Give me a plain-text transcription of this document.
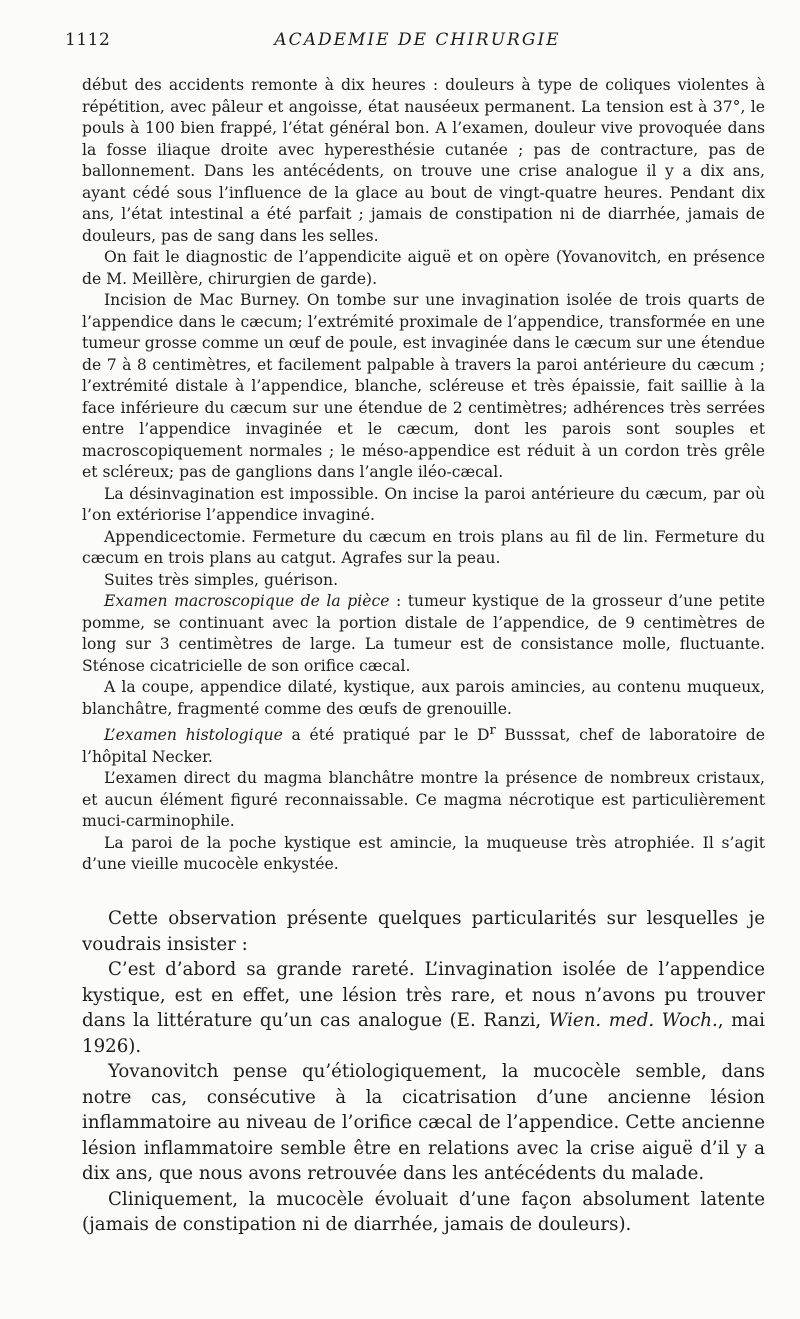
1112	ACADEMIE DE CHIRURGIE

début des accidents remonte à dix heures : douleurs à type de coliques violentes à répétition, avec pâleur et angoisse, état nauséeux permanent. La tension est à 37°, le pouls à 100 bien frappé, l’état général bon. A l’examen, douleur vive provoquée dans la fosse iliaque droite avec hyperesthésie cutanée ; pas de contracture, pas de ballonnement. Dans les antécédents, on trouve une crise analogue il y a dix ans, ayant cédé sous l’influence de la glace au bout de vingt-quatre heures. Pendant dix ans, l’état intestinal a été parfait ; jamais de constipation ni de diarrhée, jamais de douleurs, pas de sang dans les selles.

On fait le diagnostic de l’appendicite aiguë et on opère (Yovanovitch, en présence de M. Meillère, chirurgien de garde).

Incision de Mac Burney. On tombe sur une invagination isolée de trois quarts de l’appendice dans le cæcum; l’extrémité proximale de l’appendice, transformée en une tumeur grosse comme un œuf de poule, est invaginée dans le cæcum sur une étendue de 7 à 8 centimètres, et facilement palpable à travers la paroi antérieure du cæcum ; l’extrémité distale à l’appendice, blanche, scléreuse et très épaissie, fait saillie à la face inférieure du cæcum sur une étendue de 2 centimètres; adhérences très serrées entre l’appendice invaginée et le cæcum, dont les parois sont souples et macroscopiquement normales ; le méso-appendice est réduit à un cordon très grêle et scléreux; pas de ganglions dans l’angle iléo-cæcal.

La désinvagination est impossible. On incise la paroi antérieure du cæcum, par où l’on extériorise l’appendice invaginé.

Appendicectomie. Fermeture du cæcum en trois plans au fil de lin. Fermeture du cæcum en trois plans au catgut. Agrafes sur la peau.

Suites très simples, guérison.

Examen macroscopique de la pièce : tumeur kystique de la grosseur d’une petite pomme, se continuant avec la portion distale de l’appendice, de 9 centimètres de long sur 3 centimètres de large. La tumeur est de consistance molle, fluctuante. Sténose cicatricielle de son orifice cæcal.

A la coupe, appendice dilaté, kystique, aux parois amincies, au contenu muqueux, blanchâtre, fragmenté comme des œufs de grenouille.

L’examen histologique a été pratiqué par le $D^r$ Busssat, chef de laboratoire de l’hôpital Necker.

L’examen direct du magma blanchâtre montre la présence de nombreux cristaux, et aucun élément figuré reconnaissable. Ce magma nécrotique est particulièrement muci-carminophile.

La paroi de la poche kystique est amincie, la muqueuse très atrophiée. Il s’agit d’une vieille mucocèle enkystée.

Cette observation présente quelques particularités sur lesquelles je voudrais insister :

C’est d’abord sa grande rareté. L’invagination isolée de l’appendice kystique, est en effet, une lésion très rare, et nous n’avons pu trouver dans la littérature qu’un cas analogue (E. Ranzi, Wien. med. Woch., mai 1926).

Yovanovitch pense qu’étiologiquement, la mucocèle semble, dans notre cas, consécutive à la cicatrisation d’une ancienne lésion inflammatoire au niveau de l’orifice cæcal de l’appendice. Cette ancienne lésion inflammatoire semble être en relations avec la crise aiguë d’il y a dix ans, que nous avons retrouvée dans les antécédents du malade.

Cliniquement, la mucocèle évoluait d’une façon absolument latente (jamais de constipation ni de diarrhée, jamais de douleurs).
